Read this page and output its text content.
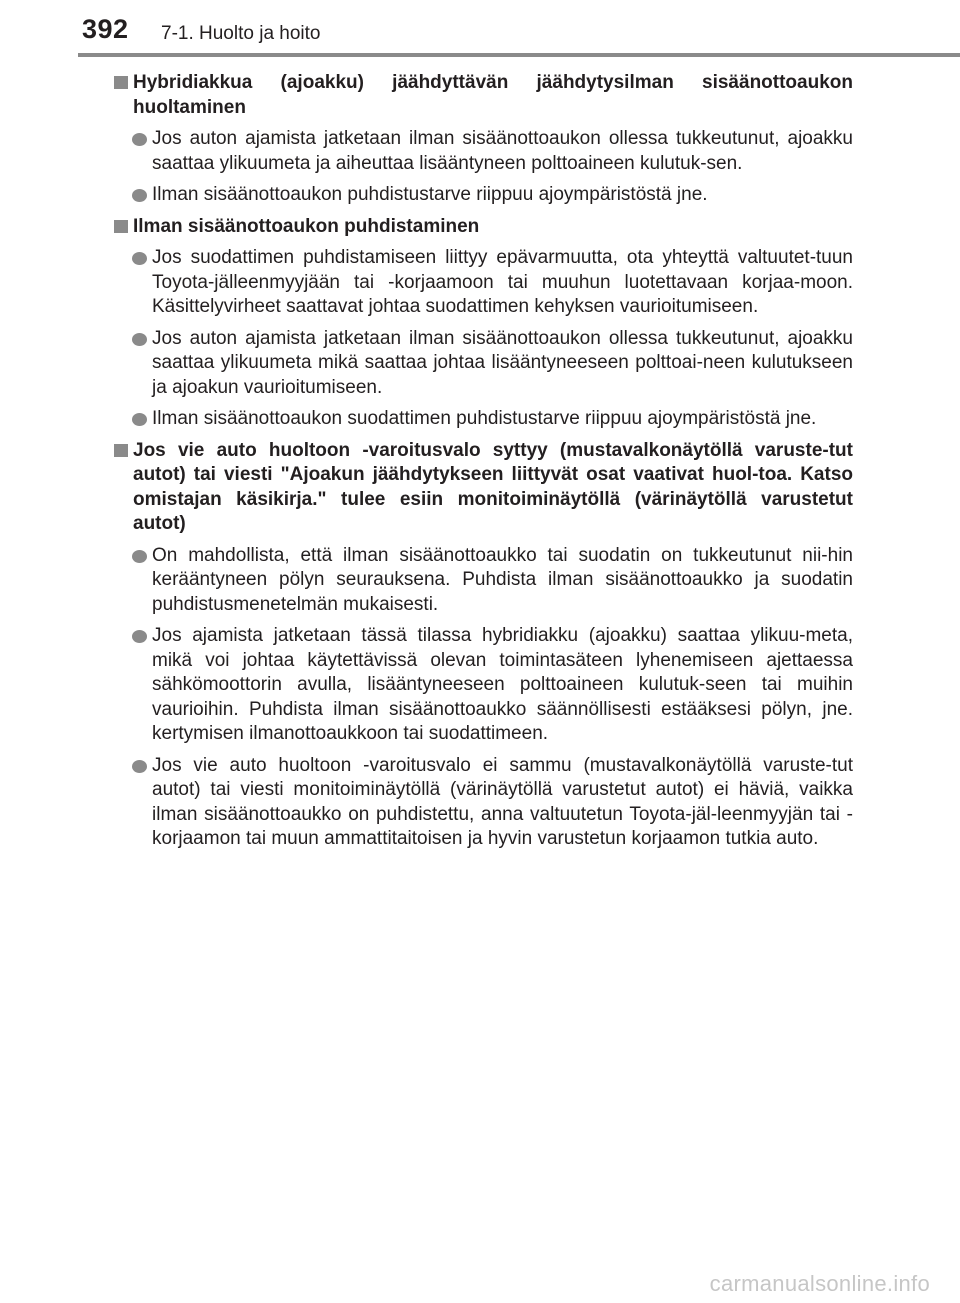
392 7-1. Huolto ja hoito
Hybridiakkua (ajoakku) jäähdyttävän jäähdytysilman sisäänottoaukon huoltaminen
Jos auton ajamista jatketaan ilman sisäänottoaukon ollessa tukkeutunut, ajoakku saattaa ylikuumeta ja aiheuttaa lisääntyneen polttoaineen kulutuk-sen.
Ilman sisäänottoaukon puhdistustarve riippuu ajoympäristöstä jne.
Ilman sisäänottoaukon puhdistaminen
Jos suodattimen puhdistamiseen liittyy epävarmuutta, ota yhteyttä valtuutet-tuun Toyota-jälleenmyyjään tai -korjaamoon tai muuhun luotettavaan korjaa-moon. Käsittelyvirheet saattavat johtaa suodattimen kehyksen vaurioitumiseen.
Jos auton ajamista jatketaan ilman sisäänottoaukon ollessa tukkeutunut, ajoakku saattaa ylikuumeta mikä saattaa johtaa lisääntyneeseen polttoai-neen kulutukseen ja ajoakun vaurioitumiseen.
Ilman sisäänottoaukon suodattimen puhdistustarve riippuu ajoympäristöstä jne.
Jos vie auto huoltoon -varoitusvalo syttyy (mustavalkonäytöllä varuste-tut autot) tai viesti "Ajoakun jäähdytykseen liittyvät osat vaativat huol-toa. Katso omistajan käsikirja." tulee esiin monitoiminäytöllä (värinäytöllä varustetut autot)
On mahdollista, että ilman sisäänottoaukko tai suodatin on tukkeutunut nii-hin kerääntyneen pölyn seurauksena. Puhdista ilman sisäänottoaukko ja suodatin puhdistusmenetelmän mukaisesti.
Jos ajamista jatketaan tässä tilassa hybridiakku (ajoakku) saattaa ylikuu-meta, mikä voi johtaa käytettävissä olevan toimintasäteen lyhenemiseen ajettaessa sähkömoottorin avulla, lisääntyneeseen polttoaineen kulutuk-seen tai muihin vaurioihin. Puhdista ilman sisäänottoaukko säännöllisesti estääksesi pölyn, jne. kertymisen ilmanottoaukkoon tai suodattimeen.
Jos vie auto huoltoon -varoitusvalo ei sammu (mustavalkonäytöllä varuste-tut autot) tai viesti monitoiminäytöllä (värinäytöllä varustetut autot) ei häviä, vaikka ilman sisäänottoaukko on puhdistettu, anna valtuutetun Toyota-jäl-leenmyyjän tai -korjaamon tai muun ammattitaitoisen ja hyvin varustetun korjaamon tutkia auto.
carmanualsonline.info
